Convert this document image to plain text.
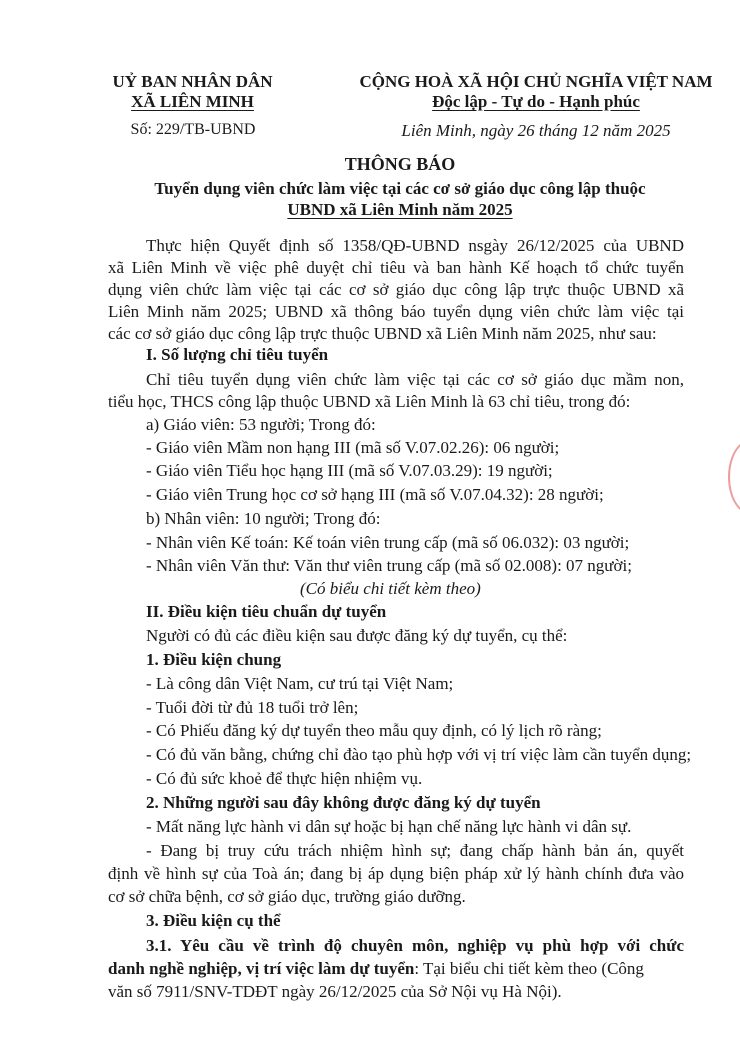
UỶ BAN NHÂN DÂN
XÃ LIÊN MINH
Số: 229/TB-UBND
CỘNG HOÀ XÃ HỘI CHỦ NGHĨA VIỆT NAM
Độc lập - Tự do - Hạnh phúc
Liên Minh, ngày 26 tháng 12 năm 2025
THÔNG BÁO
Tuyển dụng viên chức làm việc tại các cơ sở giáo dục công lập thuộc
UBND xã Liên Minh năm 2025
Thực hiện Quyết định số 1358/QĐ-UBND nsgày 26/12/2025 của UBND
xã Liên Minh về việc phê duyệt chỉ tiêu và ban hành Kế hoạch tổ chức tuyển
dụng viên chức làm việc tại các cơ sở giáo dục công lập trực thuộc UBND xã
Liên Minh năm 2025; UBND xã thông báo tuyển dụng viên chức làm việc tại
các cơ sở giáo dục công lập trực thuộc UBND xã Liên Minh năm 2025, như sau:
I. Số lượng chỉ tiêu tuyển
Chỉ tiêu tuyển dụng viên chức làm việc tại các cơ sở giáo dục mầm non,
tiểu học, THCS công lập thuộc UBND xã Liên Minh là 63 chỉ tiêu, trong đó:
a) Giáo viên: 53 người; Trong đó:
- Giáo viên Mầm non hạng III (mã số V.07.02.26): 06 người;
- Giáo viên Tiểu học hạng III (mã số V.07.03.29): 19 người;
- Giáo viên Trung học cơ sở hạng III (mã số V.07.04.32): 28 người;
b) Nhân viên: 10 người; Trong đó:
- Nhân viên Kế toán: Kế toán viên trung cấp (mã số 06.032): 03 người;
- Nhân viên Văn thư: Văn thư viên trung cấp (mã số 02.008): 07 người;
(Có biểu chi tiết kèm theo)
II. Điều kiện tiêu chuẩn dự tuyển
Người có đủ các điều kiện sau được đăng ký dự tuyển, cụ thể:
1. Điều kiện chung
- Là công dân Việt Nam, cư trú tại Việt Nam;
- Tuổi đời từ đủ 18 tuổi trở lên;
- Có Phiếu đăng ký dự tuyển theo mẫu quy định, có lý lịch rõ ràng;
- Có đủ văn bằng, chứng chỉ đào tạo phù hợp với vị trí việc làm cần tuyển dụng;
- Có đủ sức khoẻ để thực hiện nhiệm vụ.
2. Những người sau đây không được đăng ký dự tuyển
- Mất năng lực hành vi dân sự hoặc bị hạn chế năng lực hành vi dân sự.
- Đang bị truy cứu trách nhiệm hình sự; đang chấp hành bản án, quyết
định về hình sự của Toà án; đang bị áp dụng biện pháp xử lý hành chính đưa vào
cơ sở chữa bệnh, cơ sở giáo dục, trường giáo dưỡng.
3. Điều kiện cụ thể
3.1. Yêu cầu về trình độ chuyên môn, nghiệp vụ phù hợp với chức
danh nghề nghiệp, vị trí việc làm dự tuyển: Tại biểu chi tiết kèm theo (Công
văn số 7911/SNV-TDĐT ngày 26/12/2025 của Sở Nội vụ Hà Nội).
